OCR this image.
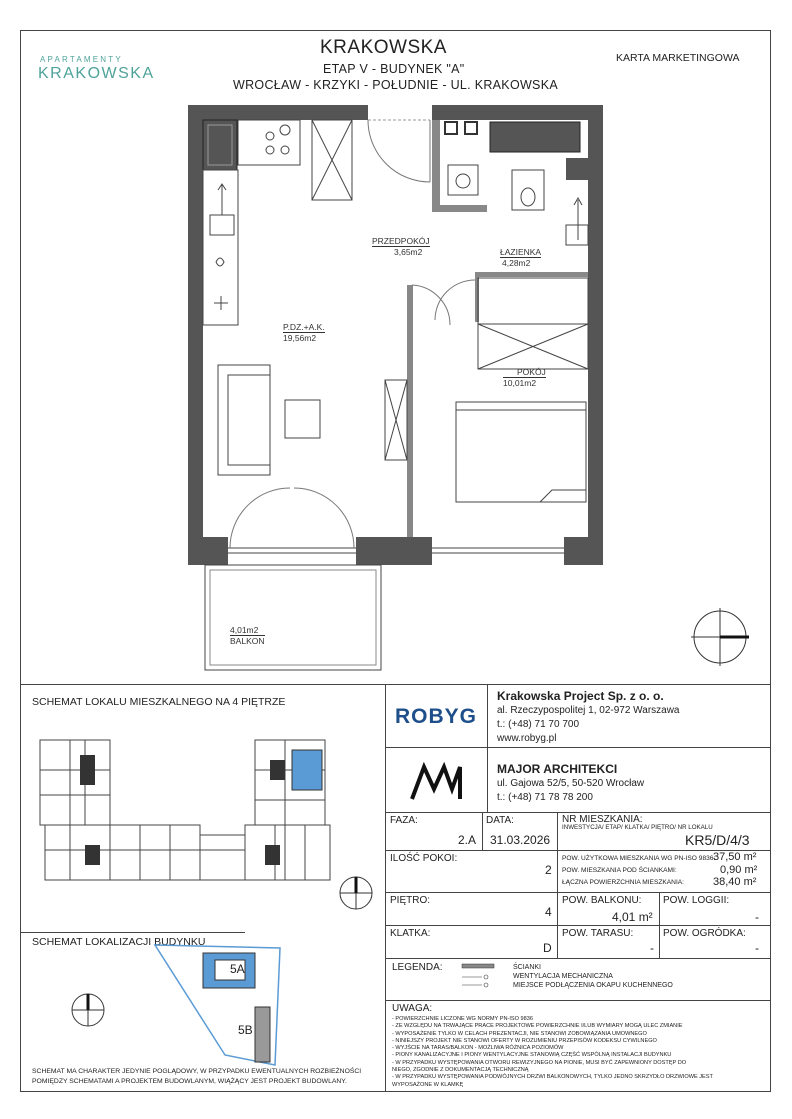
APARTAMENTY
KRAKOWSKA
KRAKOWSKA
ETAP V - BUDYNEK "A"
WROCŁAW - KRZYKI - POŁUDNIE - UL. KRAKOWSKA
KARTA MARKETINGOWA
PRZEDPOKÓJ
3,65m2	ŁAZIENKA
4,28m2
P.DZ.+A.K.
19,56m2
POKÓJ
10,01m2
4,01m2
BALKON
SCHEMAT LOKALU MIESZKALNEGO NA 4 PIĘTRZE
SCHEMAT LOKALIZACJI BUDYNKU
5A
5B
SCHEMAT MA CHARAKTER JEDYNIE POGLĄDOWY, W PRZYPADKU EWENTUALNYCH ROZBIEŻNOŚCI
POMIĘDZY SCHEMATAMI A PROJEKTEM BUDOWLANYM, WIĄŻĄCY JEST PROJEKT BUDOWLANY.
ROBYG
Krakowska Project Sp. z o. o.
al. Rzeczypospolitej 1, 02-972 Warszawa
t.: (+48) 71 70 700
www.robyg.pl
MAJOR ARCHITEKCI
ul. Gajowa 52/5, 50-520 Wrocław
t.: (+48) 71 78 78 200
FAZA:
2.A
DATA:
31.03.2026
NR MIESZKANIA:
INWESTYCJA/ ETAP/ KLATKA/ PIĘTRO/ NR LOKALU
KR5/D/4/3
ILOŚĆ POKOI:
2
POW. UŻYTKOWA MIESZKANIA WG PN-ISO 9836:
37,50 m²
POW. MIESZKANIA POD ŚCIANKAMI:	0,90 m²
ŁĄCZNA POWIERZCHNIA MIESZKANIA:	38,40 m²
PIĘTRO:
4
POW. BALKONU:
4,01 m²
POW. LOGGII:
-
KLATKA:
D
POW. TARASU:
-
POW. OGRÓDKA:
-
LEGENDA:	ŚCIANKI
WENTYLACJA MECHANICZNA
MIEJSCE PODŁĄCZENIA OKAPU KUCHENNEGO
UWAGA:
- POWIERZCHNIE LICZONE WG NORMY PN-ISO 9836
- ZE WZGLĘDU NA TRWAJĄCE PRACE PROJEKTOWE POWIERZCHNIE I/LUB WYMIARY MOGĄ ULEC ZMIANIE
- WYPOSAŻENIE TYLKO W CELACH PREZENTACJI, NIE STANOWI ZOBOWIĄZANIA UMOWNEGO
- NINIEJSZY PROJEKT NIE STANOWI OFERTY W ROZUMIENIU PRZEPISÓW KODEKSU CYWILNEGO
- WYJŚCIE NA TARAS/BALKON - MOŻLIWA RÓŻNICA POZIOMÓW
- PIONY KANALIZACYJNE I PIONY WENTYLACYJNE STANOWIĄ CZĘŚĆ WSPÓLNĄ INSTALACJI BUDYNKU
- W PRZYPADKU WYSTĘPOWANIA OTWORU REWIZYJNEGO NA PIONIE, MUSI BYĆ ZAPEWNIONY DOSTĘP DO
NIEGO, ZGODNIE Z DOKUMENTACJĄ TECHNICZNĄ
- W PRZYPADKU WYSTĘPOWANIA PODWÓJNYCH DRZWI BALKONOWYCH, TYLKO JEDNO SKRZYDŁO DRZWIOWE JEST
WYPOSAŻONE W KLAMKĘ
